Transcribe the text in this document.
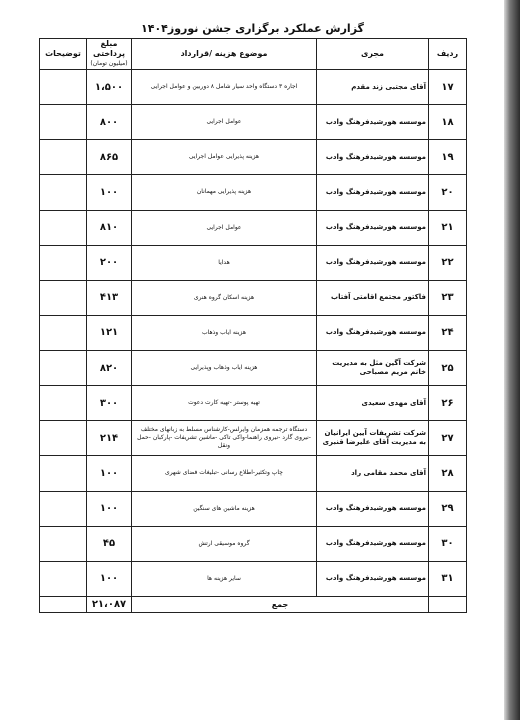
گزارش عملکرد برگزاری جشن نوروز۱۴۰۴
ردیف	مجری	موضوع هزینه /قرارداد	مبلغ پرداختی
(میلیون تومان)	توضیحات
۱۷	آقای مجتبی زند مقدم	اجاره ۳ دستگاه واحد سیار شامل ۸ دوربین و عوامل اجرایی	۱،۵۰۰	
۱۸	موسسه هورشیدفرهنگ وادب	عوامل اجرایی	۸۰۰	
۱۹	موسسه هورشیدفرهنگ وادب	هزینه پذیرایی عوامل اجرایی	۸۶۵	
۲۰	موسسه هورشیدفرهنگ وادب	هزینه پذیرایی مهمانان	۱۰۰	
۲۱	موسسه هورشیدفرهنگ وادب	عوامل اجرایی	۸۱۰	
۲۲	موسسه هورشیدفرهنگ وادب	هدایا	۲۰۰	
۲۳	فاکتور مجتمع اقامتی آفتاب	هزینه اسکان گروه هنری	۴۱۳	
۲۴	موسسه هورشیدفرهنگ وادب	هزینه ایاب وذهاب	۱۲۱	
۲۵	شرکت آگین مثل به مدیریت خانم مریم مصباحی	هزینه ایاب وذهاب وپذیرایی	۸۲۰	
۲۶	آقای مهدی سعیدی	تهیه پوستر -تهیه کارت دعوت	۳۰۰	
۲۷	شرکت تشریفات آیین ایرانیان به مدیریت آقای علیرضا قنبری	دستگاه ترجمه همزمان وایرلس-کارشناس مسلط به زبانهای مختلف -نیروی گارد -نیروی راهنما-واکی تاکی -ماشین تشریفات -پارکبان -حمل ونقل	۲۱۴	
۲۸	آقای محمد مقامی راد	چاپ وتکثیر-اطلاع رسانی -تبلیغات فضای شهری	۱۰۰	
۲۹	موسسه هورشیدفرهنگ وادب	هزینه ماشین های سنگین	۱۰۰	
۳۰	موسسه هورشیدفرهنگ وادب	گروه موسیقی ارتش	۴۵	
۳۱	موسسه هورشیدفرهنگ وادب	سایر هزینه ها	۱۰۰	
	جمع		۲۱،۰۸۷	
